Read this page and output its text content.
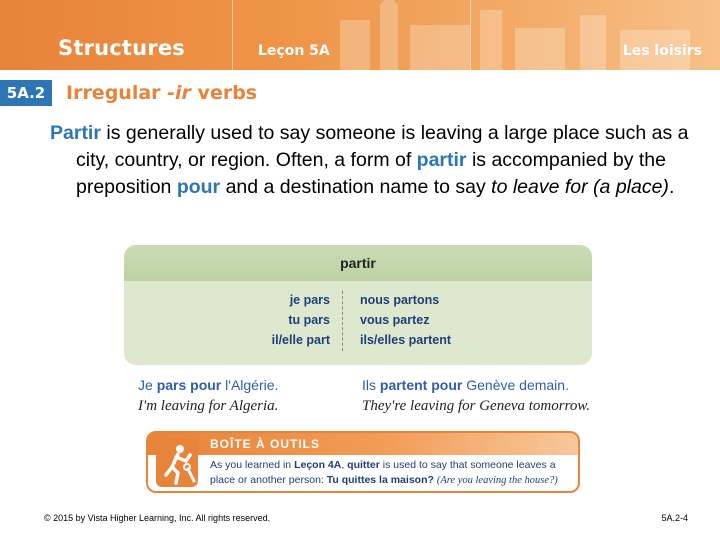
Structures	Leçon 5A	Les loisirs
5A.2	Irregular -ir verbs
Partir is generally used to say someone is leaving a large place such as a city, country, or region. Often, a form of partir is accompanied by the preposition pour and a destination name to say to leave for (a place).
partir
je pars nous partons
tu pars vous partez
il/elle part ils/elles partent
Je pars pour l'Algérie.
I'm leaving for Algeria.
Ils partent pour Genève demain.
They're leaving for Geneva tomorrow.
BOÎTE À OUTILS
As you learned in Leçon 4A, quitter is used to say that someone leaves a place or another person: Tu quittes la maison? (Are you leaving the house?)
© 2015 by Vista Higher Learning, Inc. All rights reserved.	5A.2-4
